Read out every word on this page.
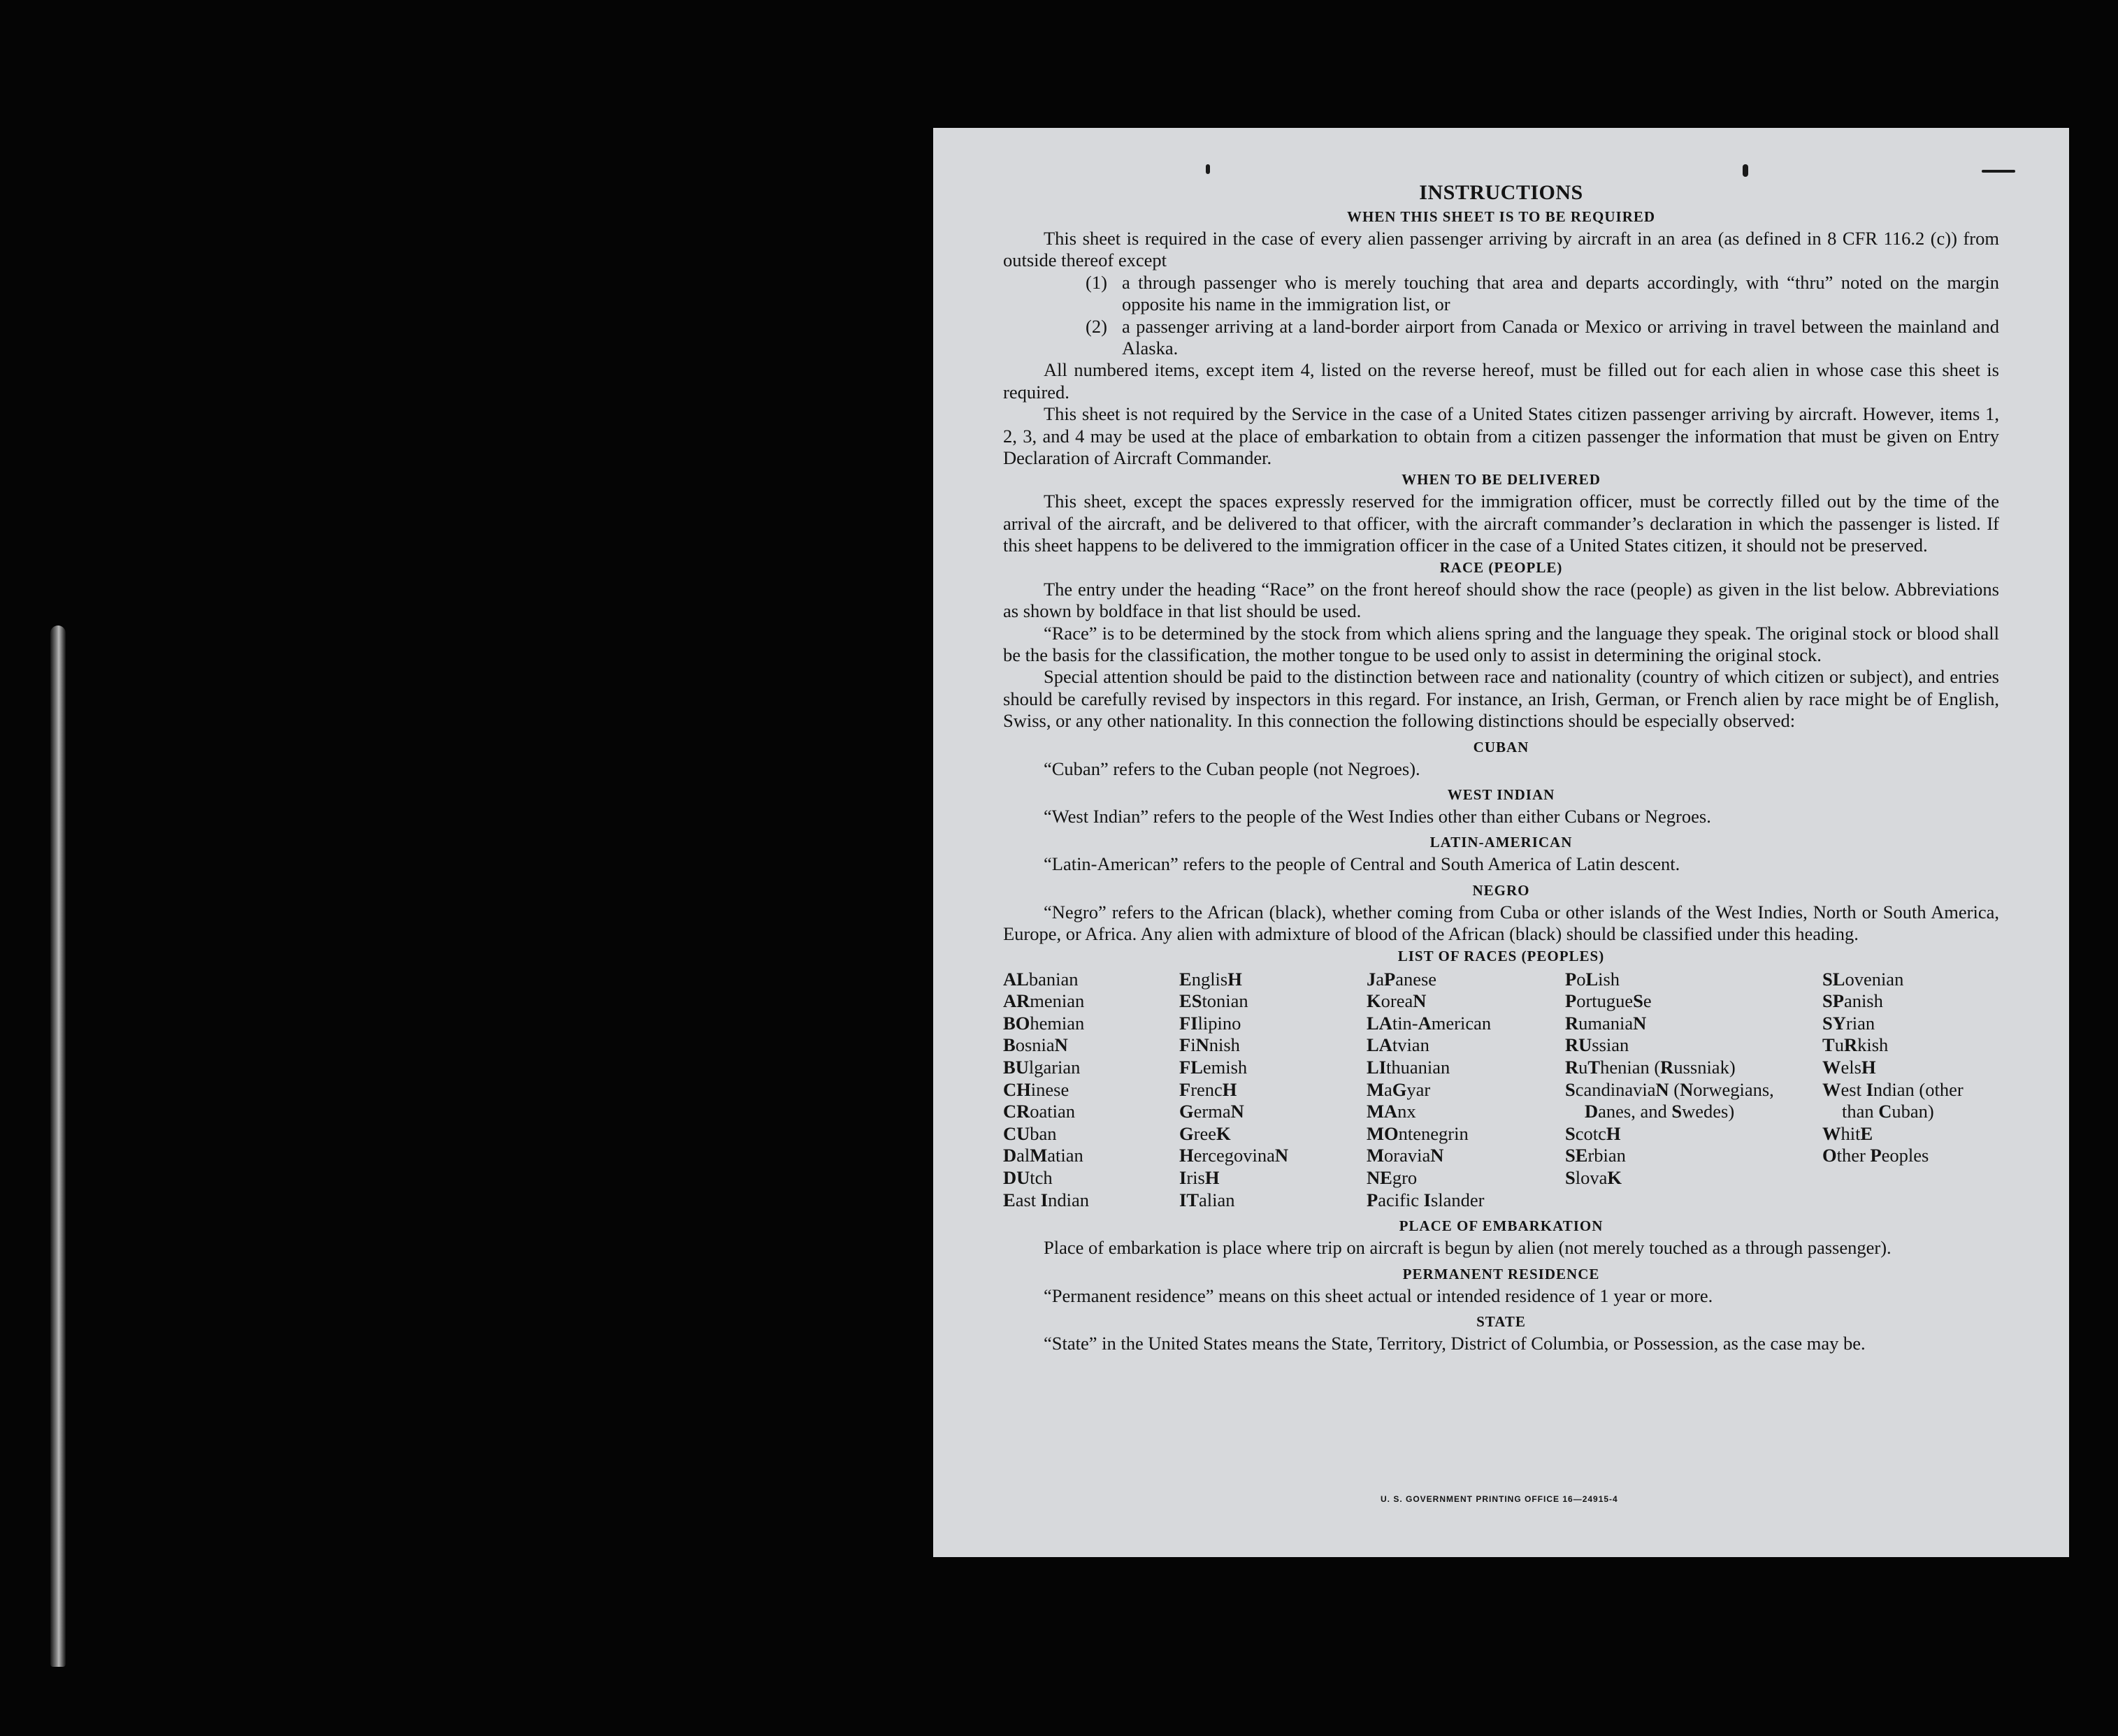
INSTRUCTIONS
WHEN THIS SHEET IS TO BE REQUIRED

This sheet is required in the case of every alien passenger arriving by aircraft in an area (as defined in 8 CFR 116.2 (c)) from outside thereof except

(1) a through passenger who is merely touching that area and departs accordingly, with “thru” noted on the margin opposite his name in the immigration list, or
(2) a passenger arriving at a land-border airport from Canada or Mexico or arriving in travel between the mainland and Alaska.

All numbered items, except item 4, listed on the reverse hereof, must be filled out for each alien in whose case this sheet is required.

This sheet is not required by the Service in the case of a United States citizen passenger arriving by aircraft. However, items 1, 2, 3, and 4 may be used at the place of embarkation to obtain from a citizen passenger the information that must be given on Entry Declaration of Aircraft Commander.

WHEN TO BE DELIVERED

This sheet, except the spaces expressly reserved for the immigration officer, must be correctly filled out by the time of the arrival of the aircraft, and be delivered to that officer, with the aircraft commander’s declaration in which the passenger is listed. If this sheet happens to be delivered to the immigration officer in the case of a United States citizen, it should not be preserved.

RACE (PEOPLE)

The entry under the heading “Race” on the front hereof should show the race (people) as given in the list below. Abbreviations as shown by boldface in that list should be used.

“Race” is to be determined by the stock from which aliens spring and the language they speak. The original stock or blood shall be the basis for the classification, the mother tongue to be used only to assist in determining the original stock.

Special attention should be paid to the distinction between race and nationality (country of which citizen or subject), and entries should be carefully revised by inspectors in this regard. For instance, an Irish, German, or French alien by race might be of English, Swiss, or any other nationality. In this connection the following distinctions should be especially observed:

CUBAN

“Cuban” refers to the Cuban people (not Negroes).

WEST INDIAN

“West Indian” refers to the people of the West Indies other than either Cubans or Negroes.

LATIN-AMERICAN

“Latin-American” refers to the people of Central and South America of Latin descent.

NEGRO

“Negro” refers to the African (black), whether coming from Cuba or other islands of the West Indies, North or South America, Europe, or Africa. Any alien with admixture of blood of the African (black) should be classified under this heading.

LIST OF RACES (PEOPLES)
ALbanian
ARmenian
BOhemian
BosniaN
BUlgarian
CHinese
CRoatian
CUban
DalMatian
DUtch
East Indian
EnglisH
EStonian
FIlipino
FiNnish
FLemish
FrencH
GermaN
GreeK
HercegovinaN
IrisH
ITalian
JaPanese
KoreaN
LAtin-American
LAtvian
LIthuanian
MaGyar
MAnx
MOntenegrin
MoraviaN
NEgro
Pacific Islander
PoLish
PortugueSe
RumaniaN
RUssian
RuThenian (Russniak)
ScandinaviaN (Norwegians, Danes, and Swedes)
ScotcH
SErbian
SlovaK
SLovenian
SPanish
SYrian
TuRkish
WelsH
West Indian (other than Cuban)
WhitE
Other Peoples
PLACE OF EMBARKATION

Place of embarkation is place where trip on aircraft is begun by alien (not merely touched as a through passenger).

PERMANENT RESIDENCE

“Permanent residence” means on this sheet actual or intended residence of 1 year or more.

STATE

“State” in the United States means the State, Territory, District of Columbia, or Possession, as the case may be.

U. S. GOVERNMENT PRINTING OFFICE 16—24915-4
